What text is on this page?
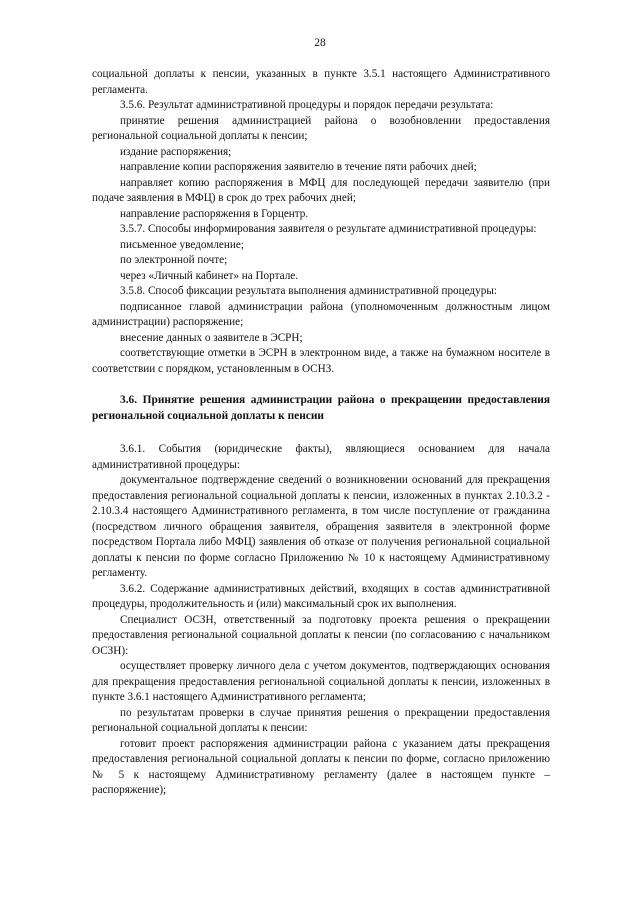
28

социальной доплаты к пенсии, указанных в пункте 3.5.1 настоящего Административного регламента.

3.5.6. Результат административной процедуры и порядок передачи результата:

принятие решения администрацией района о возобновлении предоставления региональной социальной доплаты к пенсии;

издание распоряжения;

направление копии распоряжения заявителю в течение пяти рабочих дней;

направляет копию распоряжения в МФЦ для последующей передачи заявителю (при подаче заявления в МФЦ) в срок до трех рабочих дней;

направление распоряжения в Горцентр.

3.5.7. Способы информирования заявителя о результате административной процедуры:

письменное уведомление;

по электронной почте;

через «Личный кабинет» на Портале.

3.5.8. Способ фиксации результата выполнения административной процедуры:

подписанное главой администрации района (уполномоченным должностным лицом администрации) распоряжение;

внесение данных о заявителе в ЭСРН;

соответствующие отметки в ЭСРН в электронном виде, а также на бумажном носителе в соответствии с порядком, установленным в ОСНЗ.

3.6. Принятие решения администрации района о прекращении предоставления региональной социальной доплаты к пенсии

3.6.1. События (юридические факты), являющиеся основанием для начала административной процедуры:

документальное подтверждение сведений о возникновении оснований для прекращения предоставления региональной социальной доплаты к пенсии, изложенных в пунктах 2.10.3.2 - 2.10.3.4 настоящего Административного регламента, в том числе поступление от гражданина (посредством личного обращения заявителя, обращения заявителя в электронной форме посредством Портала либо МФЦ) заявления об отказе от получения региональной социальной доплаты к пенсии по форме согласно Приложению № 10 к настоящему Административному регламенту.

3.6.2. Содержание административных действий, входящих в состав административной процедуры, продолжительность и (или) максимальный срок их выполнения.

Специалист ОСЗН, ответственный за подготовку проекта решения о прекращении предоставления региональной социальной доплаты к пенсии (по согласованию с начальником ОСЗН):

осуществляет проверку личного дела с учетом документов, подтверждающих основания для прекращения предоставления региональной социальной доплаты к пенсии, изложенных в пункте 3.6.1 настоящего Административного регламента;

по результатам проверки в случае принятия решения о прекращении предоставления региональной социальной доплаты к пенсии:

готовит проект распоряжения администрации района с указанием даты прекращения предоставления региональной социальной доплаты к пенсии по форме, согласно приложению № 5 к настоящему Административному регламенту (далее в настоящем пункте – распоряжение);
